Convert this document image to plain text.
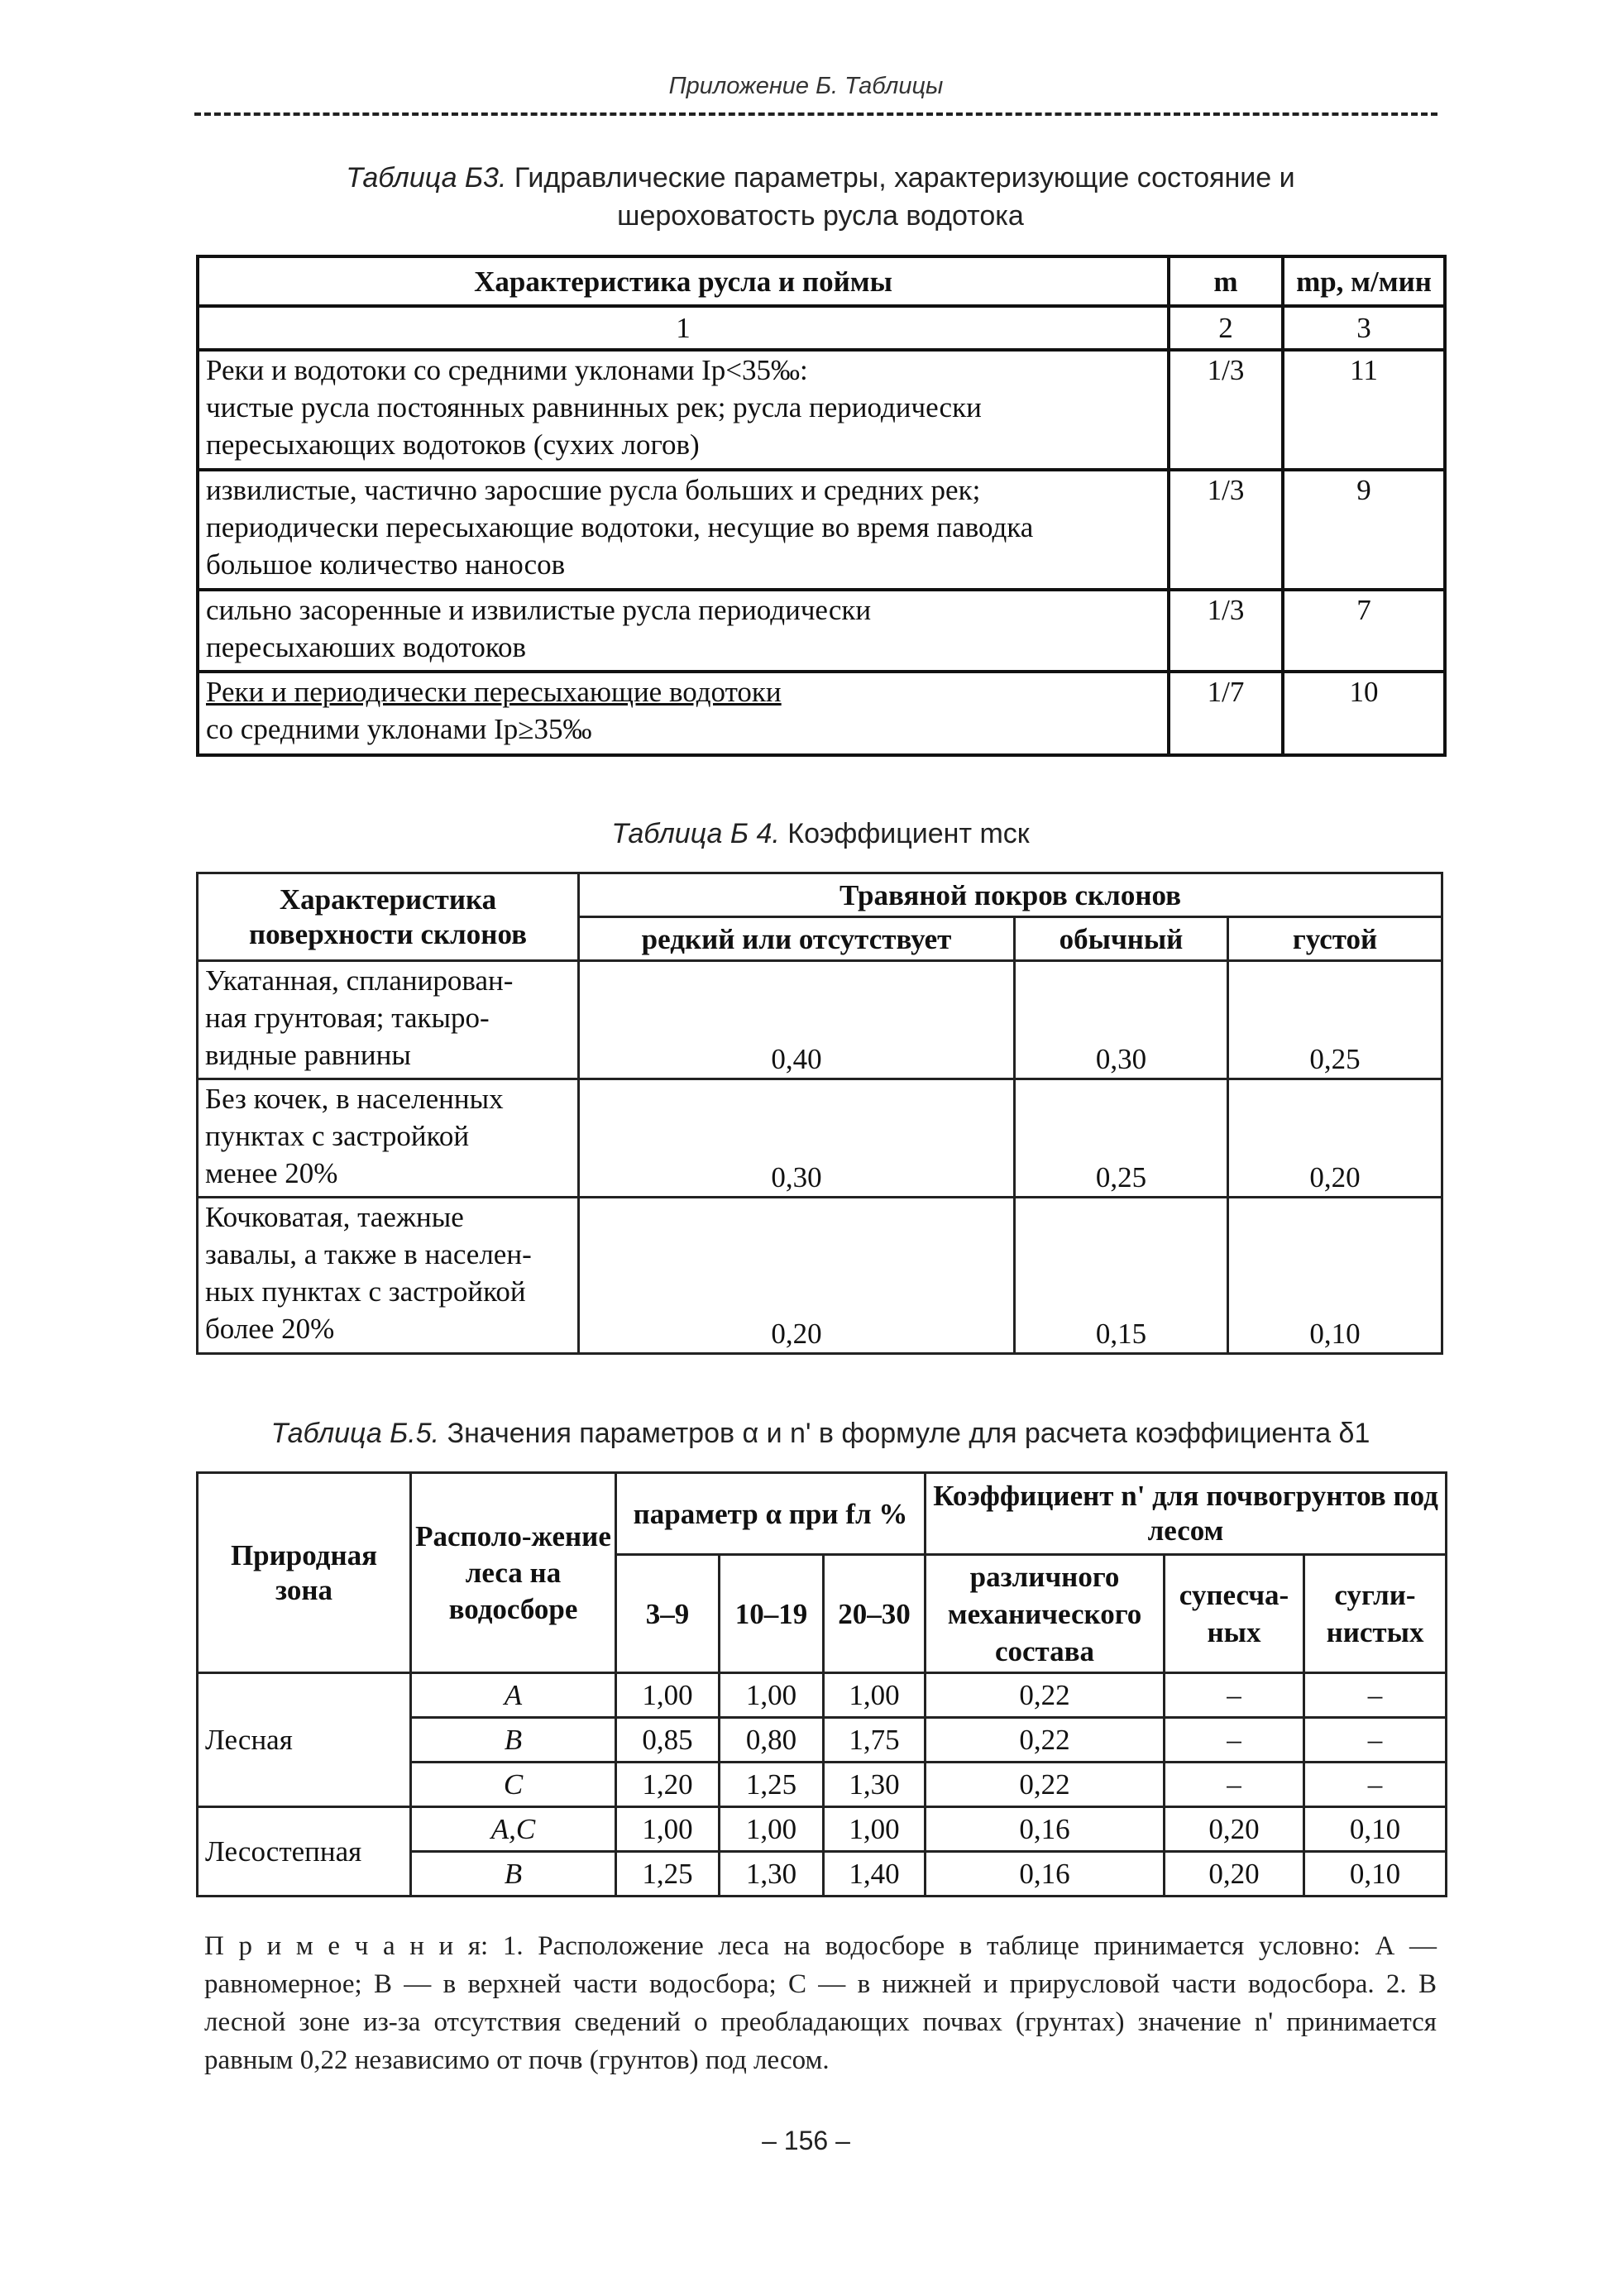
Приложение Б. Таблицы
Таблица Б3. Гидравлические параметры, характеризующие состояние и
шероховатость русла водотока
Характеристика русла и поймы	m	mр, м/мин
1	2	3

Реки и водотоки со средними уклонами Iр<35‰:
чистые русла постоянных равнинных рек; русла периодически
пересыхающих водотоков (сухих логов)	1/3	11

извилистые, частично заросшие русла больших и средних рек;
периодически пересыхающие водотоки, несущие во время паводка
большое количество наносов	1/3	9

сильно засоренные и извилистые русла периодически
пересыхаюших водотоков	1/3	7
Реки и периодически пересыхающие водотоки
со средними уклонами Iр≥35‰	1/7	10
Таблица Б 4. Коэффициент mск
Характеристика поверхности склонов	Травяной покров склонов		
	редкий или отсутствует	обычный	густой

Укатанная, спланирован-
ная грунтовая; такыро-
видные равнины	0,40	0,30	0,25

Без кочек, в населенных
пунктах с застройкой
менее 20%	0,30	0,25	0,20

Кочковатая, таежные
завалы, а также в населен-
ных пунктах с застройкой
более 20%	0,20	0,15	0,10
Таблица Б.5. Значения параметров α и n' в формуле для расчета коэффициента δ1
Природная зона	Располо-жение леса на водосборе	параметр α при fл %			Коэффициент n' для почвогрунтов под лесом		
		3–9	10–19	20–30	различного механического состава	супесча-ных	сугли-нистых
Лесная	A	1,00	1,00	1,00	0,22	–	–
	B	0,85	0,80	1,75	0,22	–	–
	C	1,20	1,25	1,30	0,22	–	–
Лесостепная	A,C	1,00	1,00	1,00	0,16	0,20	0,10
	B	1,25	1,30	1,40	0,16	0,20	0,10
П р и м е ч а н и я: 1. Расположение леса на водосборе в таблице принимается условно: А — равномерное; В — в верхней части водосбора; С — в нижней и прирусловой части водосбора. 2. В лесной зоне из-за отсутствия сведений о преобладающих почвах (грунтах) значение n' принимается равным 0,22 независимо от почв (грунтов) под лесом.
– 156 –
